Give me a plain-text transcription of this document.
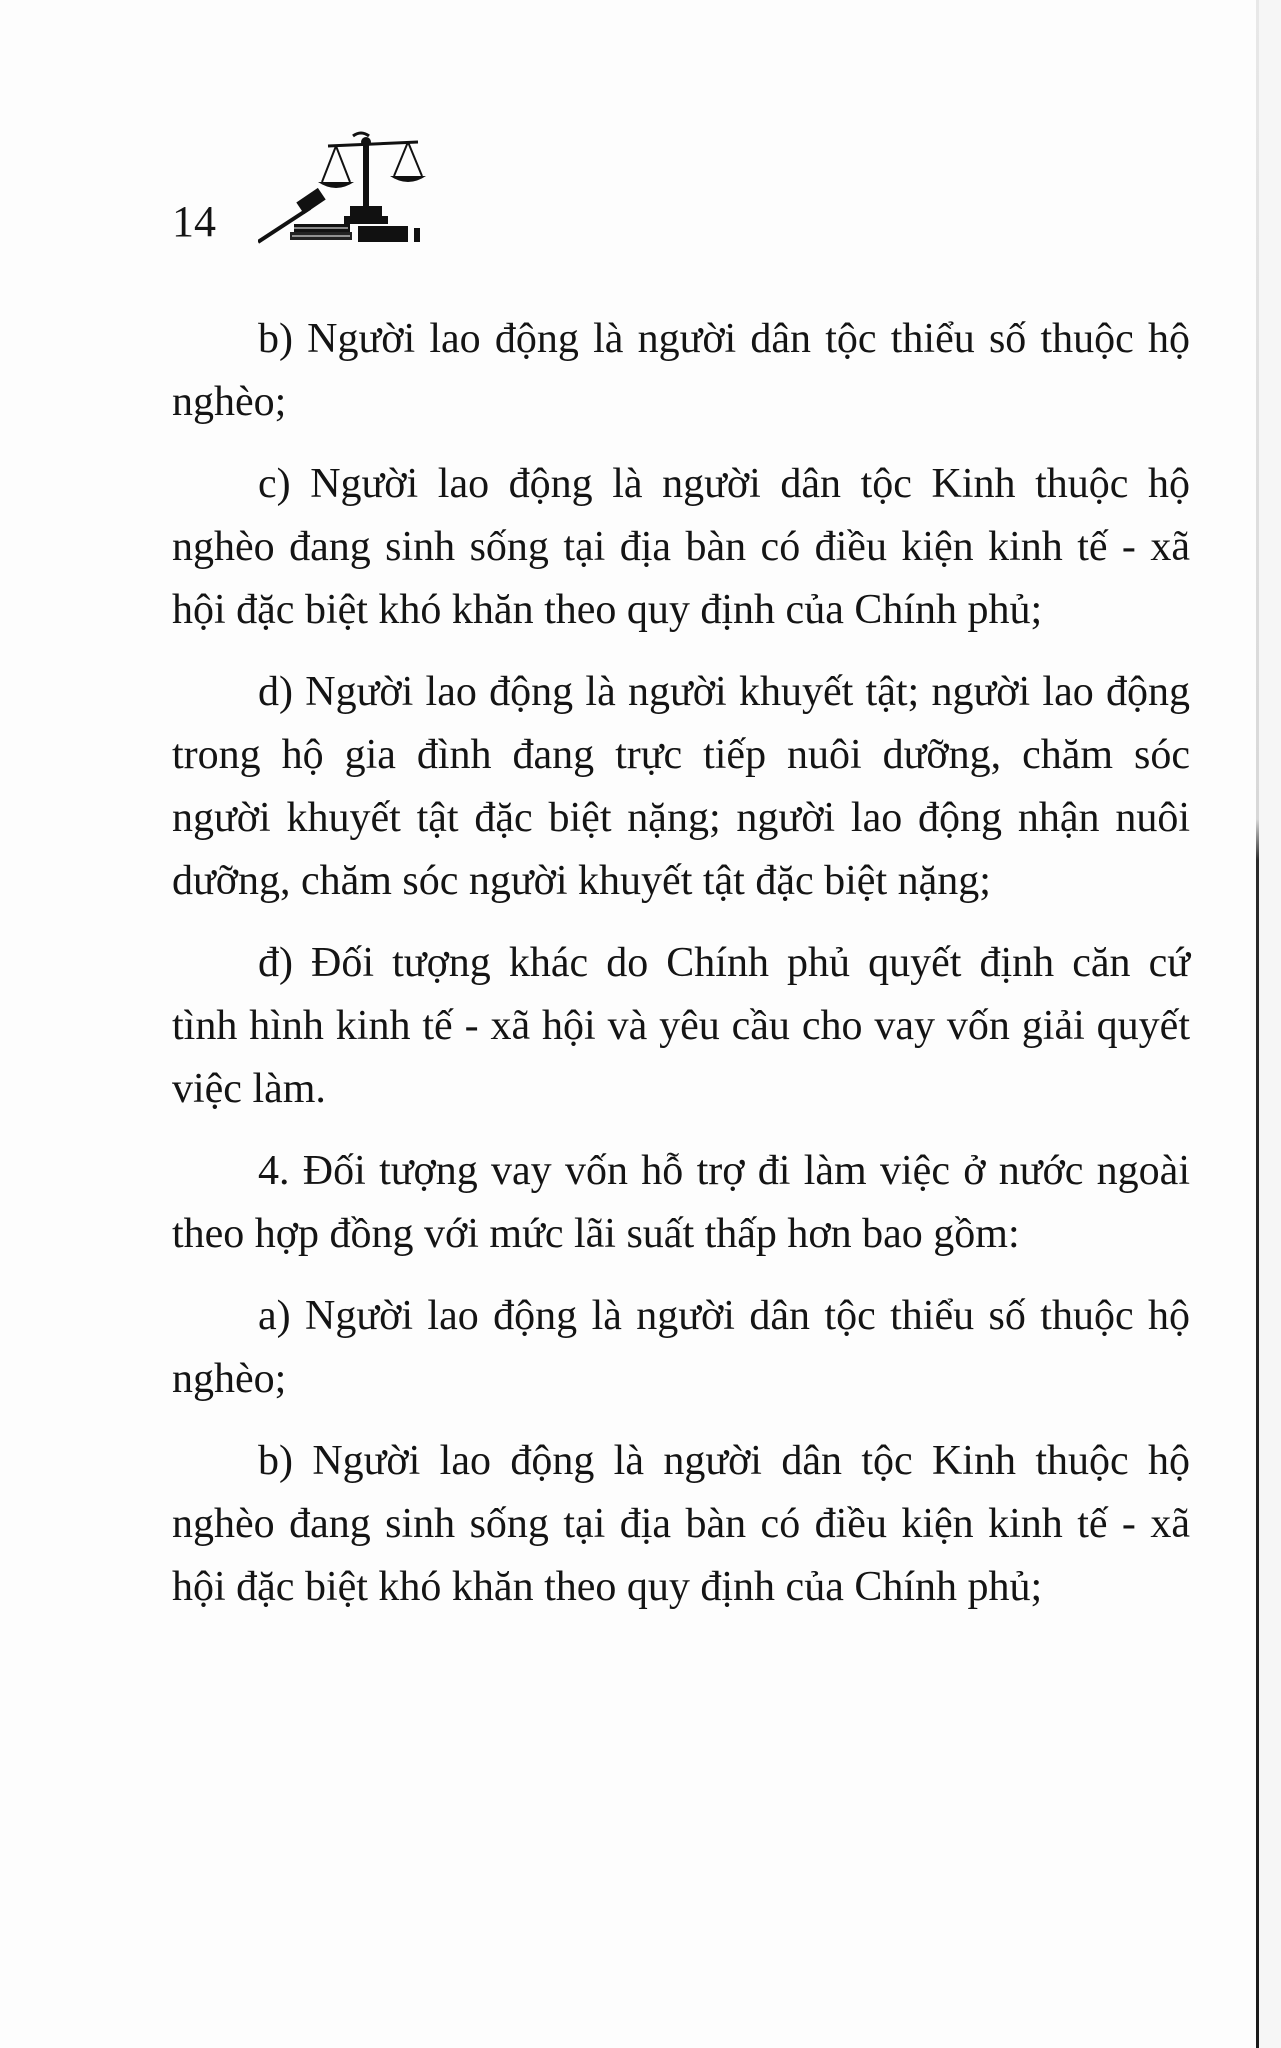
14

b) Người lao động là người dân tộc thiểu số thuộc hộ nghèo;

c) Người lao động là người dân tộc Kinh thuộc hộ nghèo đang sinh sống tại địa bàn có điều kiện kinh tế - xã hội đặc biệt khó khăn theo quy định của Chính phủ;

d) Người lao động là người khuyết tật; người lao động trong hộ gia đình đang trực tiếp nuôi dưỡng, chăm sóc người khuyết tật đặc biệt nặng; người lao động nhận nuôi dưỡng, chăm sóc người khuyết tật đặc biệt nặng;

đ) Đối tượng khác do Chính phủ quyết định căn cứ tình hình kinh tế - xã hội và yêu cầu cho vay vốn giải quyết việc làm.

4. Đối tượng vay vốn hỗ trợ đi làm việc ở nước ngoài theo hợp đồng với mức lãi suất thấp hơn bao gồm:

a) Người lao động là người dân tộc thiểu số thuộc hộ nghèo;

b) Người lao động là người dân tộc Kinh thuộc hộ nghèo đang sinh sống tại địa bàn có điều kiện kinh tế - xã hội đặc biệt khó khăn theo quy định của Chính phủ;
